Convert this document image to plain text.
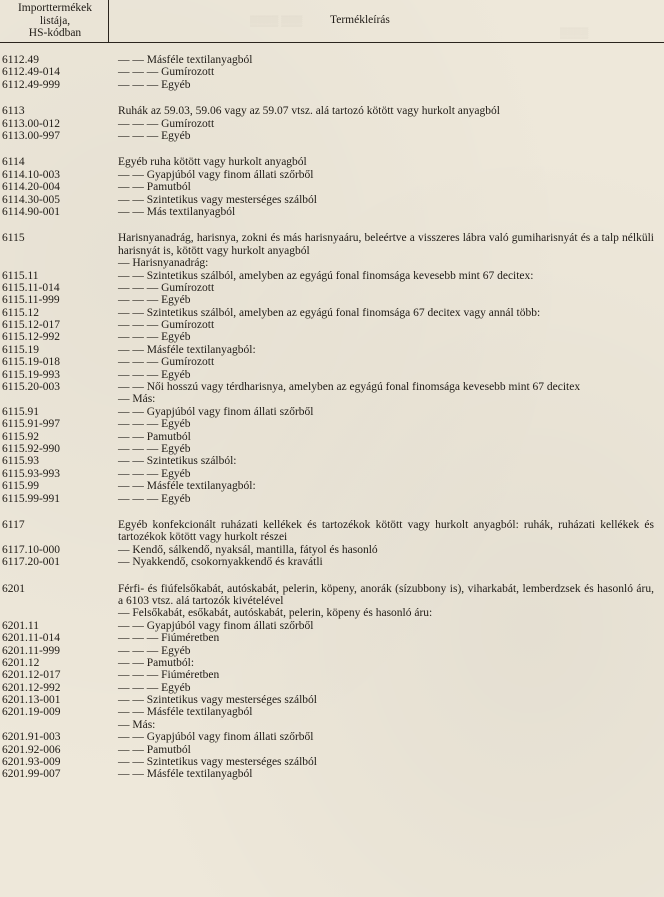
▒▒▒▒ ▒▒▒
▒▒▒▒
Importtermékek
listája,
HS-kódban
Termékleírás
6112.49	— — Másféle textilanyagból
6112.49-014	— — — Gumírozott
6112.49-999	— — — Egyéb
6113	Ruhák az 59.03, 59.06 vagy az 59.07 vtsz. alá tartozó kötött vagy hurkolt anyagból
6113.00-012	— — — Gumírozott
6113.00-997	— — — Egyéb
6114	Egyéb ruha kötött vagy hurkolt anyagból
6114.10-003	— — Gyapjúból vagy finom állati szőrből
6114.20-004	— — Pamutból
6114.30-005	— — Szintetikus vagy mesterséges szálból
6114.90-001	— — Más textilanyagból
6115	Harisnyanadrág, harisnya, zokni és más harisnyaáru, beleértve a visszeres lábra való gumiharisnyát és a talp nélküli harisnyát is, kötött vagy hurkolt anyagból
— Harisnyanadrág:
6115.11	— — Szintetikus szálból, amelyben az egyágú fonal finomsága kevesebb mint 67 decitex:
6115.11-014	— — — Gumírozott
6115.11-999	— — — Egyéb
6115.12	— — Szintetikus szálból, amelyben az egyágú fonal finomsága 67 decitex vagy annál több:
6115.12-017	— — — Gumírozott
6115.12-992	— — — Egyéb
6115.19	— — Másféle textilanyagból:
6115.19-018	— — — Gumírozott
6115.19-993	— — — Egyéb
6115.20-003	— — Női hosszú vagy térdharisnya, amelyben az egyágú fonal finomsága kevesebb mint 67 decitex
— Más:
6115.91	— — Gyapjúból vagy finom állati szőrből
6115.91-997	— — — Egyéb
6115.92	— — Pamutból
6115.92-990	— — — Egyéb
6115.93	— — Szintetikus szálból:
6115.93-993	— — — Egyéb
6115.99	— — Másféle textilanyagból:
6115.99-991	— — — Egyéb
6117	Egyéb konfekcionált ruházati kellékek és tartozékok kötött vagy hurkolt anyagból: ruhák, ruházati kellékek és tartozékok kötött vagy hurkolt részei
6117.10-000	— Kendő, sálkendő, nyaksál, mantilla, fátyol és hasonló
6117.20-001	— Nyakkendő, csokornyakkendő és kravátli
6201	Férfi- és fiúfelsőkabát, autóskabát, pelerin, köpeny, anorák (sízubbony is), viharkabát, lemberdzsek és hasonló áru, a 6103 vtsz. alá tartozók kivételével
— Felsőkabát, esőkabát, autóskabát, pelerin, köpeny és hasonló áru:
6201.11	— — Gyapjúból vagy finom állati szőrből
6201.11-014	— — — Fiúméretben
6201.11-999	— — — Egyéb
6201.12	— — Pamutból:
6201.12-017	— — — Fiúméretben
6201.12-992	— — — Egyéb
6201.13-001	— — Szintetikus vagy mesterséges szálból
6201.19-009	— — Másféle textilanyagból
— Más:
6201.91-003	— — Gyapjúból vagy finom állati szőrből
6201.92-006	— — Pamutból
6201.93-009	— — Szintetikus vagy mesterséges szálból
6201.99-007	— — Másféle textilanyagból
